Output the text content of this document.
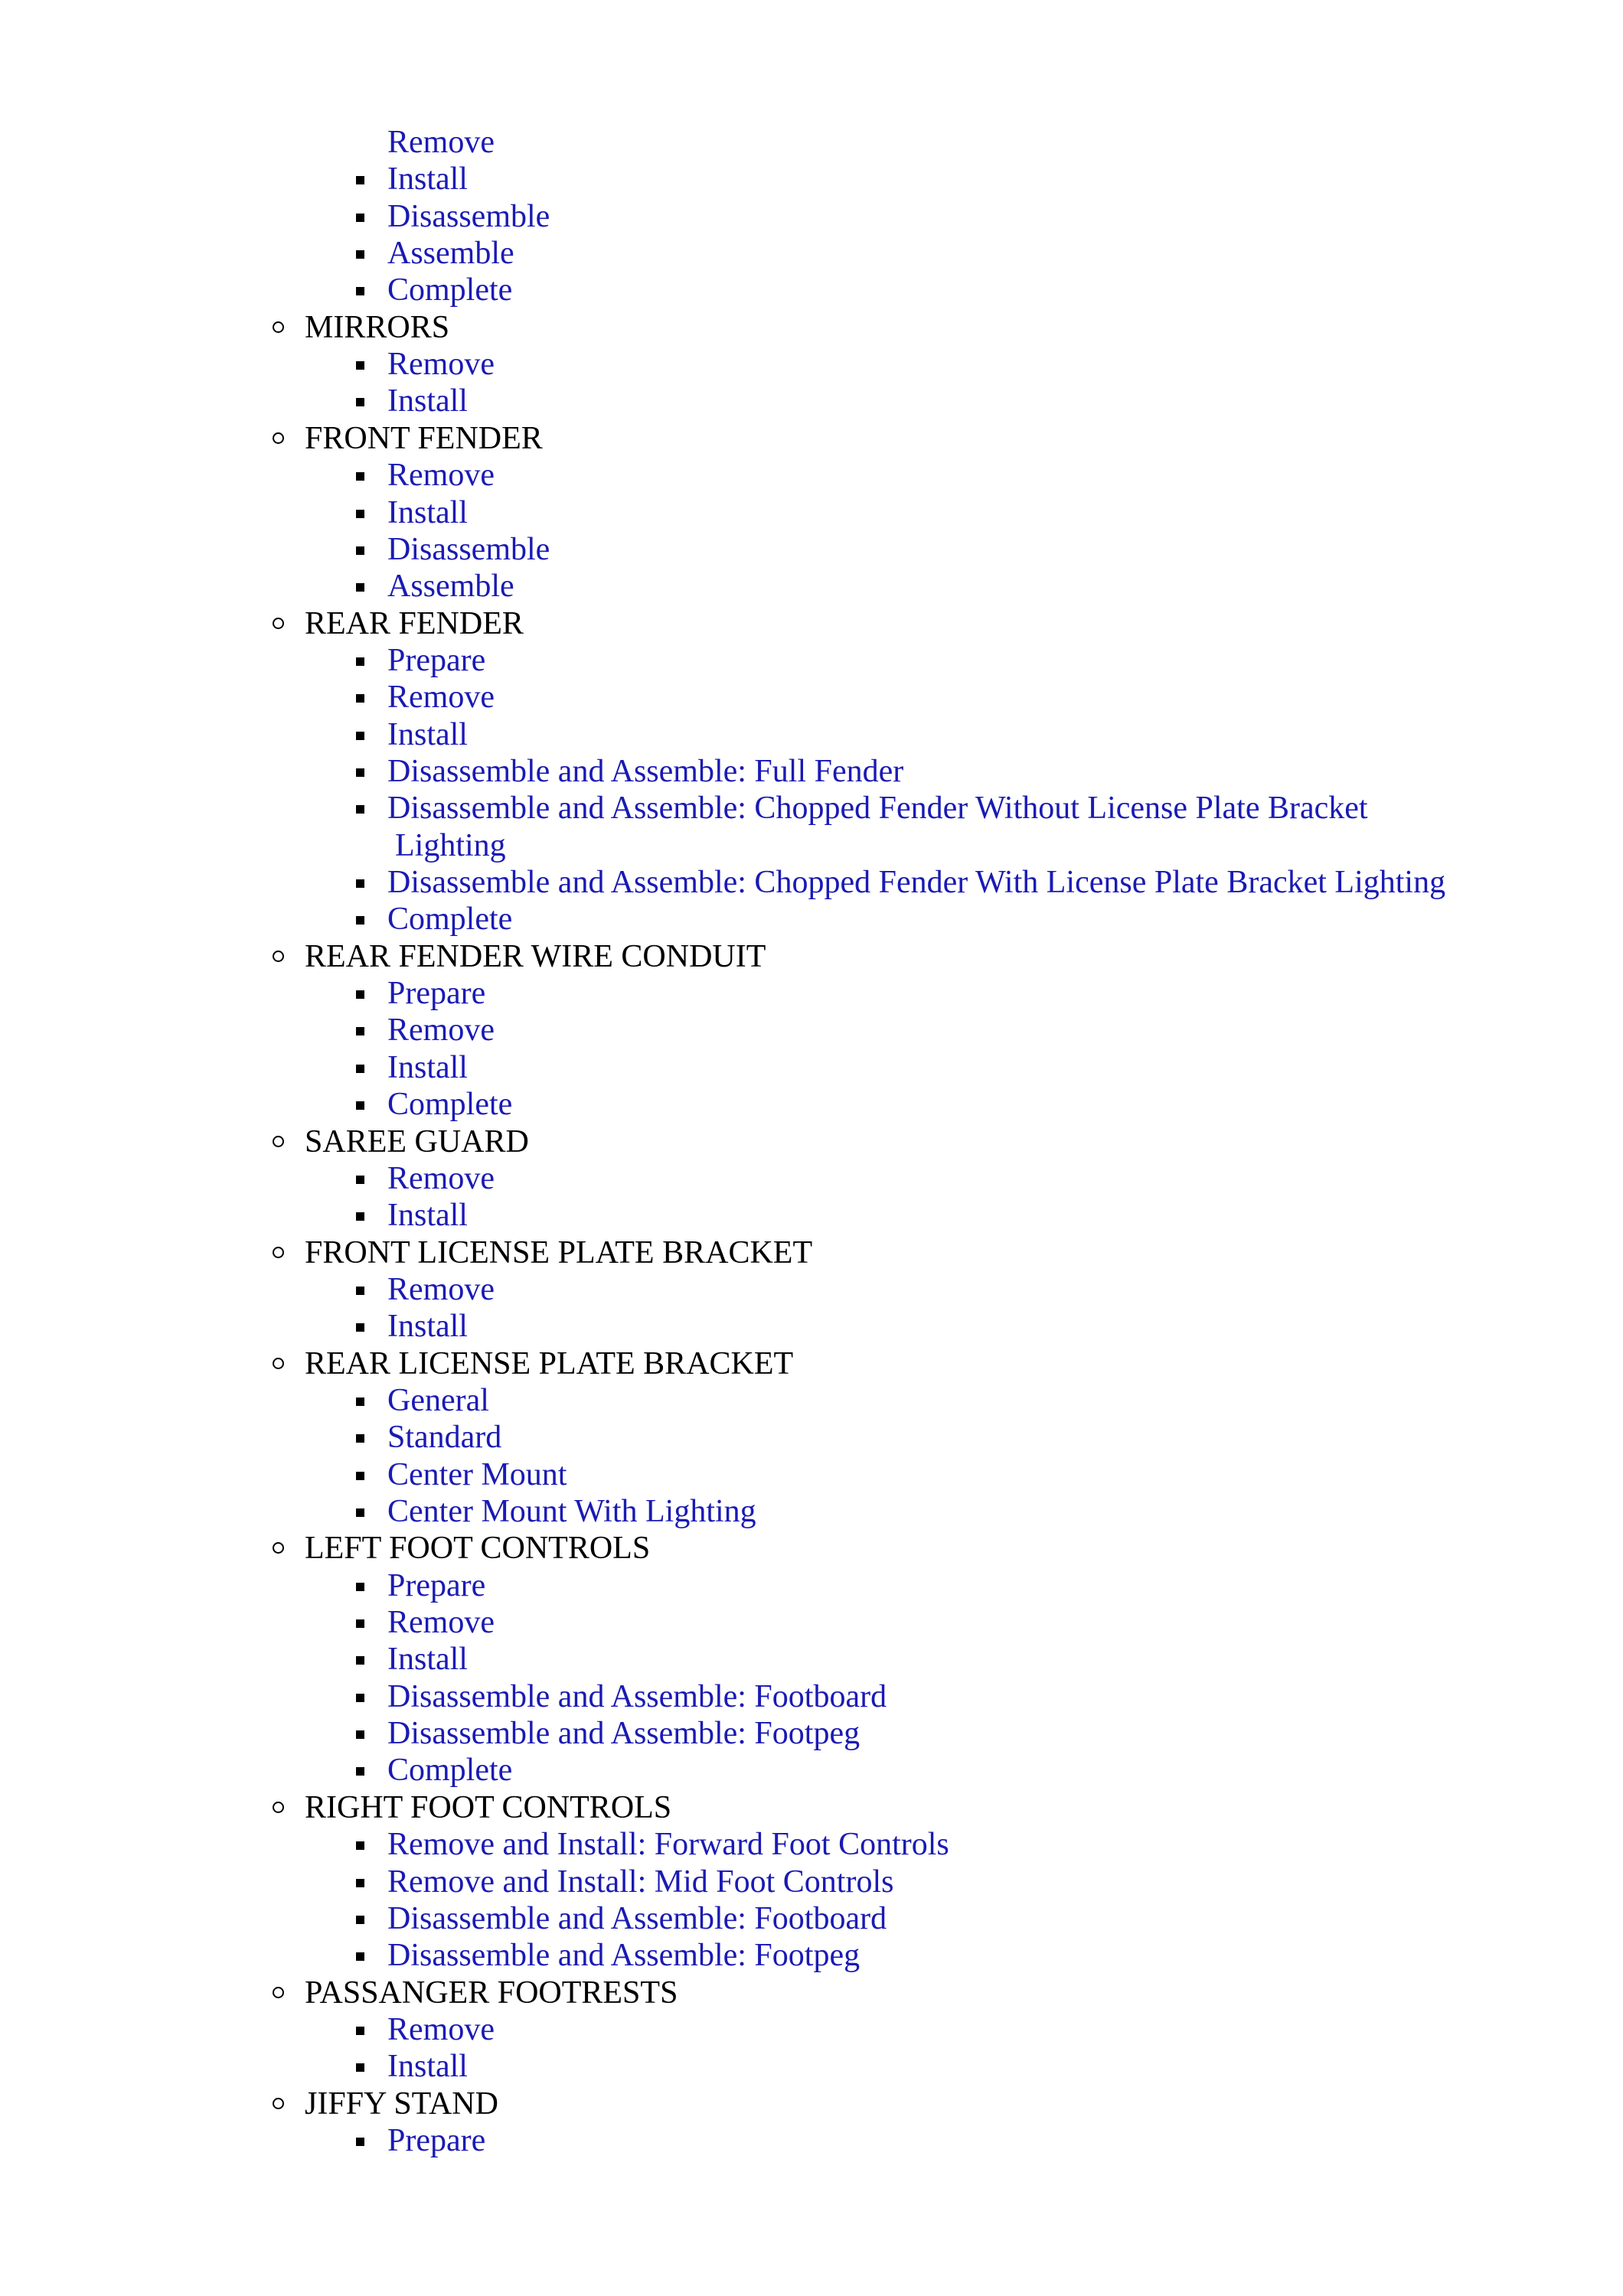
Remove
Install
Disassemble
Assemble
Complete
MIRRORS
Remove
Install
FRONT FENDER
Remove
Install
Disassemble
Assemble
REAR FENDER
Prepare
Remove
Install
Disassemble and Assemble: Full Fender
Disassemble and Assemble: Chopped Fender Without License Plate Bracket
Lighting
Disassemble and Assemble: Chopped Fender With License Plate Bracket Lighting
Complete
REAR FENDER WIRE CONDUIT
Prepare
Remove
Install
Complete
SAREE GUARD
Remove
Install
FRONT LICENSE PLATE BRACKET
Remove
Install
REAR LICENSE PLATE BRACKET
General
Standard
Center Mount
Center Mount With Lighting
LEFT FOOT CONTROLS
Prepare
Remove
Install
Disassemble and Assemble: Footboard
Disassemble and Assemble: Footpeg
Complete
RIGHT FOOT CONTROLS
Remove and Install: Forward Foot Controls
Remove and Install: Mid Foot Controls
Disassemble and Assemble: Footboard
Disassemble and Assemble: Footpeg
PASSANGER FOOTRESTS
Remove
Install
JIFFY STAND
Prepare
